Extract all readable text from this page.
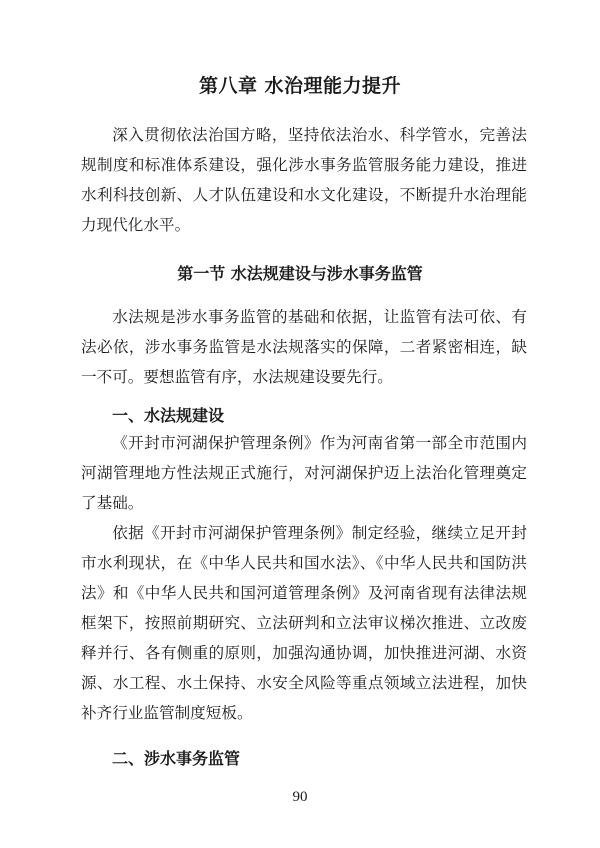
第八章 水治理能力提升
深入贯彻依法治国方略，坚持依法治水、科学管水，完善法规制度和标准体系建设，强化涉水事务监管服务能力建设，推进水利科技创新、人才队伍建设和水文化建设，不断提升水治理能力现代化水平。
第一节 水法规建设与涉水事务监管
水法规是涉水事务监管的基础和依据，让监管有法可依、有法必依，涉水事务监管是水法规落实的保障，二者紧密相连，缺一不可。要想监管有序，水法规建设要先行。
一、水法规建设
《开封市河湖保护管理条例》作为河南省第一部全市范围内河湖管理地方性法规正式施行，对河湖保护迈上法治化管理奠定了基础。
依据《开封市河湖保护管理条例》制定经验，继续立足开封市水利现状，在《中华人民共和国水法》、《中华人民共和国防洪法》和《中华人民共和国河道管理条例》及河南省现有法律法规框架下，按照前期研究、立法研判和立法审议梯次推进、立改废释并行、各有侧重的原则，加强沟通协调，加快推进河湖、水资源、水工程、水土保持、水安全风险等重点领域立法进程，加快补齐行业监管制度短板。
二、涉水事务监管
90
